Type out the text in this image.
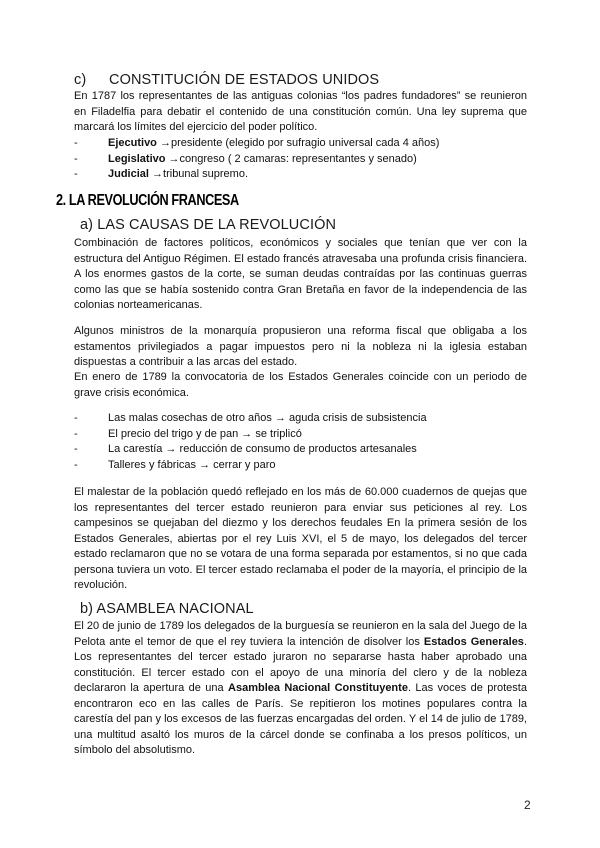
c) CONSTITUCIÓN DE ESTADOS UNIDOS
En 1787 los representantes de las antiguas colonias “los padres fundadores” se reunieron en Filadelfia para debatir el contenido de una constitución común. Una ley suprema que marcará los límites del ejercicio del poder político.
-	Ejecutivo →presidente (elegido por sufragio universal cada 4 años)
-	Legislativo →congreso ( 2 camaras: representantes y senado)
-	Judicial →tribunal supremo.
2. LA REVOLUCIÓN FRANCESA
a) LAS CAUSAS DE LA REVOLUCIÓN
Combinación de factores políticos, económicos y sociales que tenían que ver con la estructura del Antiguo Régimen. El estado francés atravesaba una profunda crisis financiera. A los enormes gastos de la corte, se suman deudas contraídas por las continuas guerras como las que se había sostenido contra Gran Bretaña en favor de la independencia de las colonias norteamericanas.
Algunos ministros de la monarquía propusieron una reforma fiscal que obligaba a los estamentos privilegiados a pagar impuestos pero ni la nobleza ni la iglesia estaban dispuestas a contribuir a las arcas del estado.
En enero de 1789 la convocatoria de los Estados Generales coincide con un periodo de grave crisis económica.
-	Las malas cosechas de otro años → aguda crisis de subsistencia
-	El precio del trigo y de pan → se triplicó
-	La carestía → reducción de consumo de productos artesanales
-	Talleres y fábricas → cerrar y paro
El malestar de la población quedó reflejado en los más de 60.000 cuadernos de quejas que los representantes del tercer estado reunieron para enviar sus peticiones al rey. Los campesinos se quejaban del diezmo y los derechos feudales En la primera sesión de los Estados Generales, abiertas por el rey Luis XVI, el 5 de mayo, los delegados del tercer estado reclamaron que no se votara de una forma separada por estamentos, si no que cada persona tuviera un voto. El tercer estado reclamaba el poder de la mayoría, el principio de la revolución.
b) ASAMBLEA NACIONAL
El 20 de junio de 1789 los delegados de la burguesía se reunieron en la sala del Juego de la Pelota ante el temor de que el rey tuviera la intención de disolver los Estados Generales. Los representantes del tercer estado juraron no separarse hasta haber aprobado una constitución. El tercer estado con el apoyo de una minoría del clero y de la nobleza declararon la apertura de una Asamblea Nacional Constituyente. Las voces de protesta encontraron eco en las calles de París. Se repitieron los motines populares contra la carestía del pan y los excesos de las fuerzas encargadas del orden. Y el 14 de julio de 1789, una multitud asaltó los muros de la cárcel donde se confinaba a los presos políticos, un símbolo del absolutismo.
2
